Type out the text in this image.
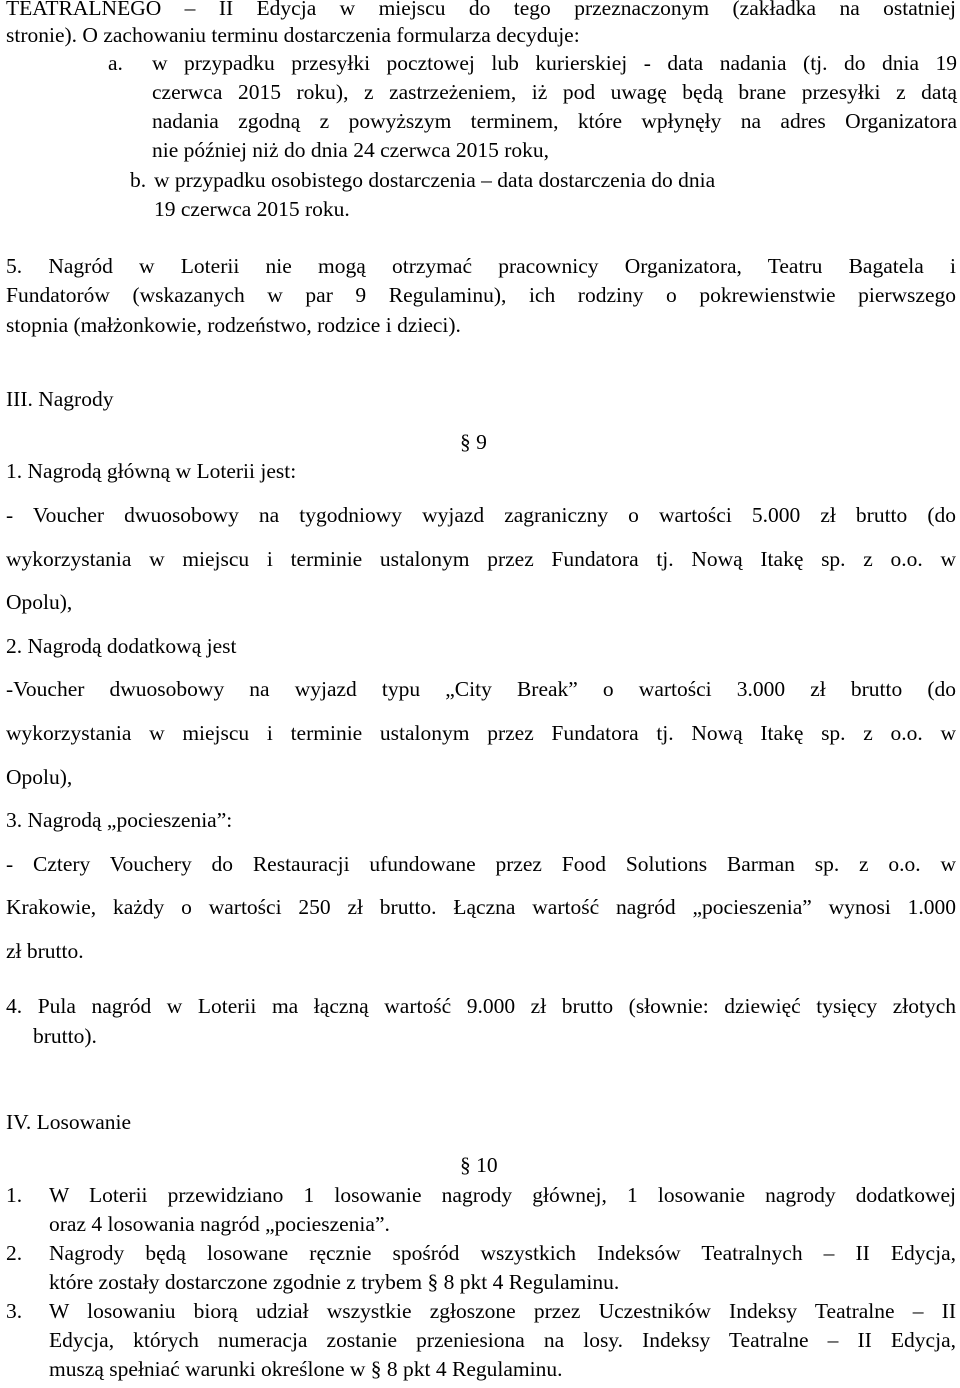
TEATRALNEGO – II Edycja w miejscu do tego przeznaczonym (zakładka na ostatniej
stronie). O zachowaniu terminu dostarczenia formularza decyduje:
a. w przypadku przesyłki pocztowej lub kurierskiej - data nadania (tj. do dnia 19
czerwca 2015 roku), z zastrzeżeniem, iż pod uwagę będą brane przesyłki z datą
nadania zgodną z powyższym terminem, które wpłynęły na adres Organizatora
nie później niż do dnia 24 czerwca 2015 roku,
b. w przypadku osobistego dostarczenia – data dostarczenia do dnia
19 czerwca 2015 roku.
5. Nagród w Loterii nie mogą otrzymać pracownicy Organizatora, Teatru Bagatela i
Fundatorów (wskazanych w par 9 Regulaminu), ich rodziny o pokrewienstwie pierwszego
stopnia (małżonkowie, rodzeństwo, rodzice i dzieci).
III. Nagrody
§ 9
1. Nagrodą główną w Loterii jest:
- Voucher dwuosobowy na tygodniowy wyjazd zagraniczny o wartości 5.000 zł brutto (do
wykorzystania w miejscu i terminie ustalonym przez Fundatora tj. Nową Itakę sp. z o.o. w
Opolu),
2. Nagrodą dodatkową jest
-Voucher dwuosobowy na wyjazd typu „City Break” o wartości 3.000 zł brutto (do
wykorzystania w miejscu i terminie ustalonym przez Fundatora tj. Nową Itakę sp. z o.o. w
Opolu),
3. Nagrodą „pocieszenia”:
- Cztery Vouchery do Restauracji ufundowane przez Food Solutions Barman sp. z o.o. w
Krakowie, każdy o wartości 250 zł brutto. Łączna wartość nagród „pocieszenia” wynosi 1.000
zł brutto.
4. Pula nagród w Loterii ma łączną wartość 9.000 zł brutto (słownie: dziewięć tysięcy złotych
brutto).
IV. Losowanie
§ 10
1. W Loterii przewidziano 1 losowanie nagrody głównej, 1 losowanie nagrody dodatkowej
oraz 4 losowania nagród „pocieszenia”.
2. Nagrody będą losowane ręcznie spośród wszystkich Indeksów Teatralnych – II Edycja,
które zostały dostarczone zgodnie z trybem § 8 pkt 4 Regulaminu.
3. W losowaniu biorą udział wszystkie zgłoszone przez Uczestników Indeksy Teatralne – II
Edycja, których numeracja zostanie przeniesiona na losy. Indeksy Teatralne – II Edycja,
muszą spełniać warunki określone w § 8 pkt 4 Regulaminu.
